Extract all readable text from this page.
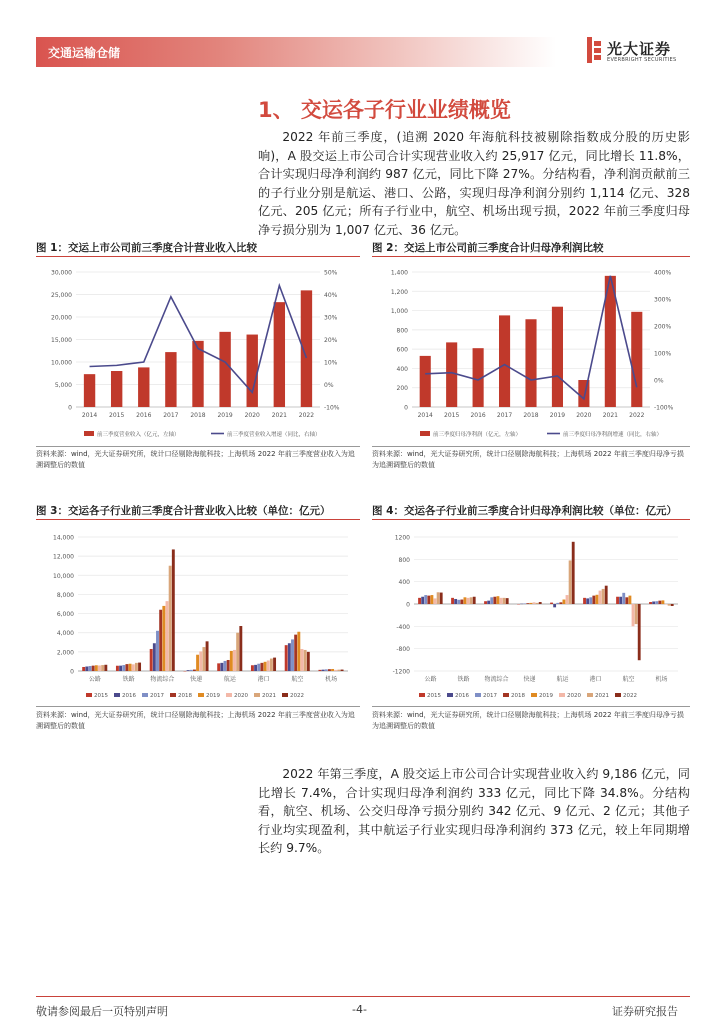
交通运输仓储	光大证券
EVERBRIGHT SECURITIES
1、 交运各子行业业绩概览
2022 年前三季度，(追溯 2020 年海航科技被剔除指数成分股的历史影响)，A 股交运上市公司合计实现营业收入约 25,917 亿元，同比增长 11.8%，合计实现归母净利润约 987 亿元，同比下降 27%。分结构看，净利润贡献前三的子行业分别是航运、港口、公路，实现归母净利润分别约 1,114 亿元、328 亿元、205 亿元；所有子行业中，航空、机场出现亏损，2022 年前三季度归母净亏损分别为 1,007 亿元、36 亿元。
图 1：交运上市公司前三季度合计营业收入比较
0
5,000
10,000
15,000
20,000
25,000
30,000
-10%
0%
10%
20%
30%
40%
50%
2014 2015 2016 2017 2018 2019 2020 2021 2022
前三季度营业收入（亿元，左轴）	前三季度营业收入增速（同比，右轴）
资料来源：wind，光大证券研究所，统计口径剔除海航科技；上海机场 2022 年前三季度营业收入为追溯调整后的数值
图 2：交运上市公司前三季度合计归母净利润比较
0
200
400
600
800
1,000
1,200
1,400
-100%
0%
100%
200%
300%
400%
2014 2015 2016 2017 2018 2019 2020 2021 2022
前三季度归母净利润（亿元，左轴）	前三季度归母净利润增速（同比，右轴）
资料来源：wind，光大证券研究所，统计口径剔除海航科技；上海机场 2022 年前三季度归母净亏损为追溯调整后的数值
图 3：交运各子行业前三季度合计营业收入比较（单位：亿元）
0
2,000
4,000
6,000
8,000
10,000
12,000
14,000
公路	铁路	物流综合	快递	航运	港口	航空	机场
2015	2016	2017	2018	2019	2020	2021	2022
资料来源：wind，光大证券研究所，统计口径剔除海航科技；上海机场 2022 年前三季度营业收入为追溯调整后的数值
图 4：交运各子行业前三季度合计归母净利润比较（单位：亿元）
-1200
-800
-400
0
400
800
1200
公路	铁路 物流综合 快递	航运	港口	航空	机场
2015	2016	2017	2018	2019	2020	2021	2022
资料来源：wind，光大证券研究所，统计口径剔除海航科技；上海机场 2022 年前三季度归母净亏损为追溯调整后的数值
2022 年第三季度，A 股交运上市公司合计实现营业收入约 9,186 亿元，同比增长 7.4%，合计实现归母净利润约 333 亿元，同比下降 34.8%。分结构看，航空、机场、公交归母净亏损分别约 342 亿元、9 亿元、2 亿元；其他子行业均实现盈利，其中航运子行业实现归母净利润约 373 亿元，较上年同期增长约 9.7%。
敬请参阅最后一页特别声明	-4-	证券研究报告
